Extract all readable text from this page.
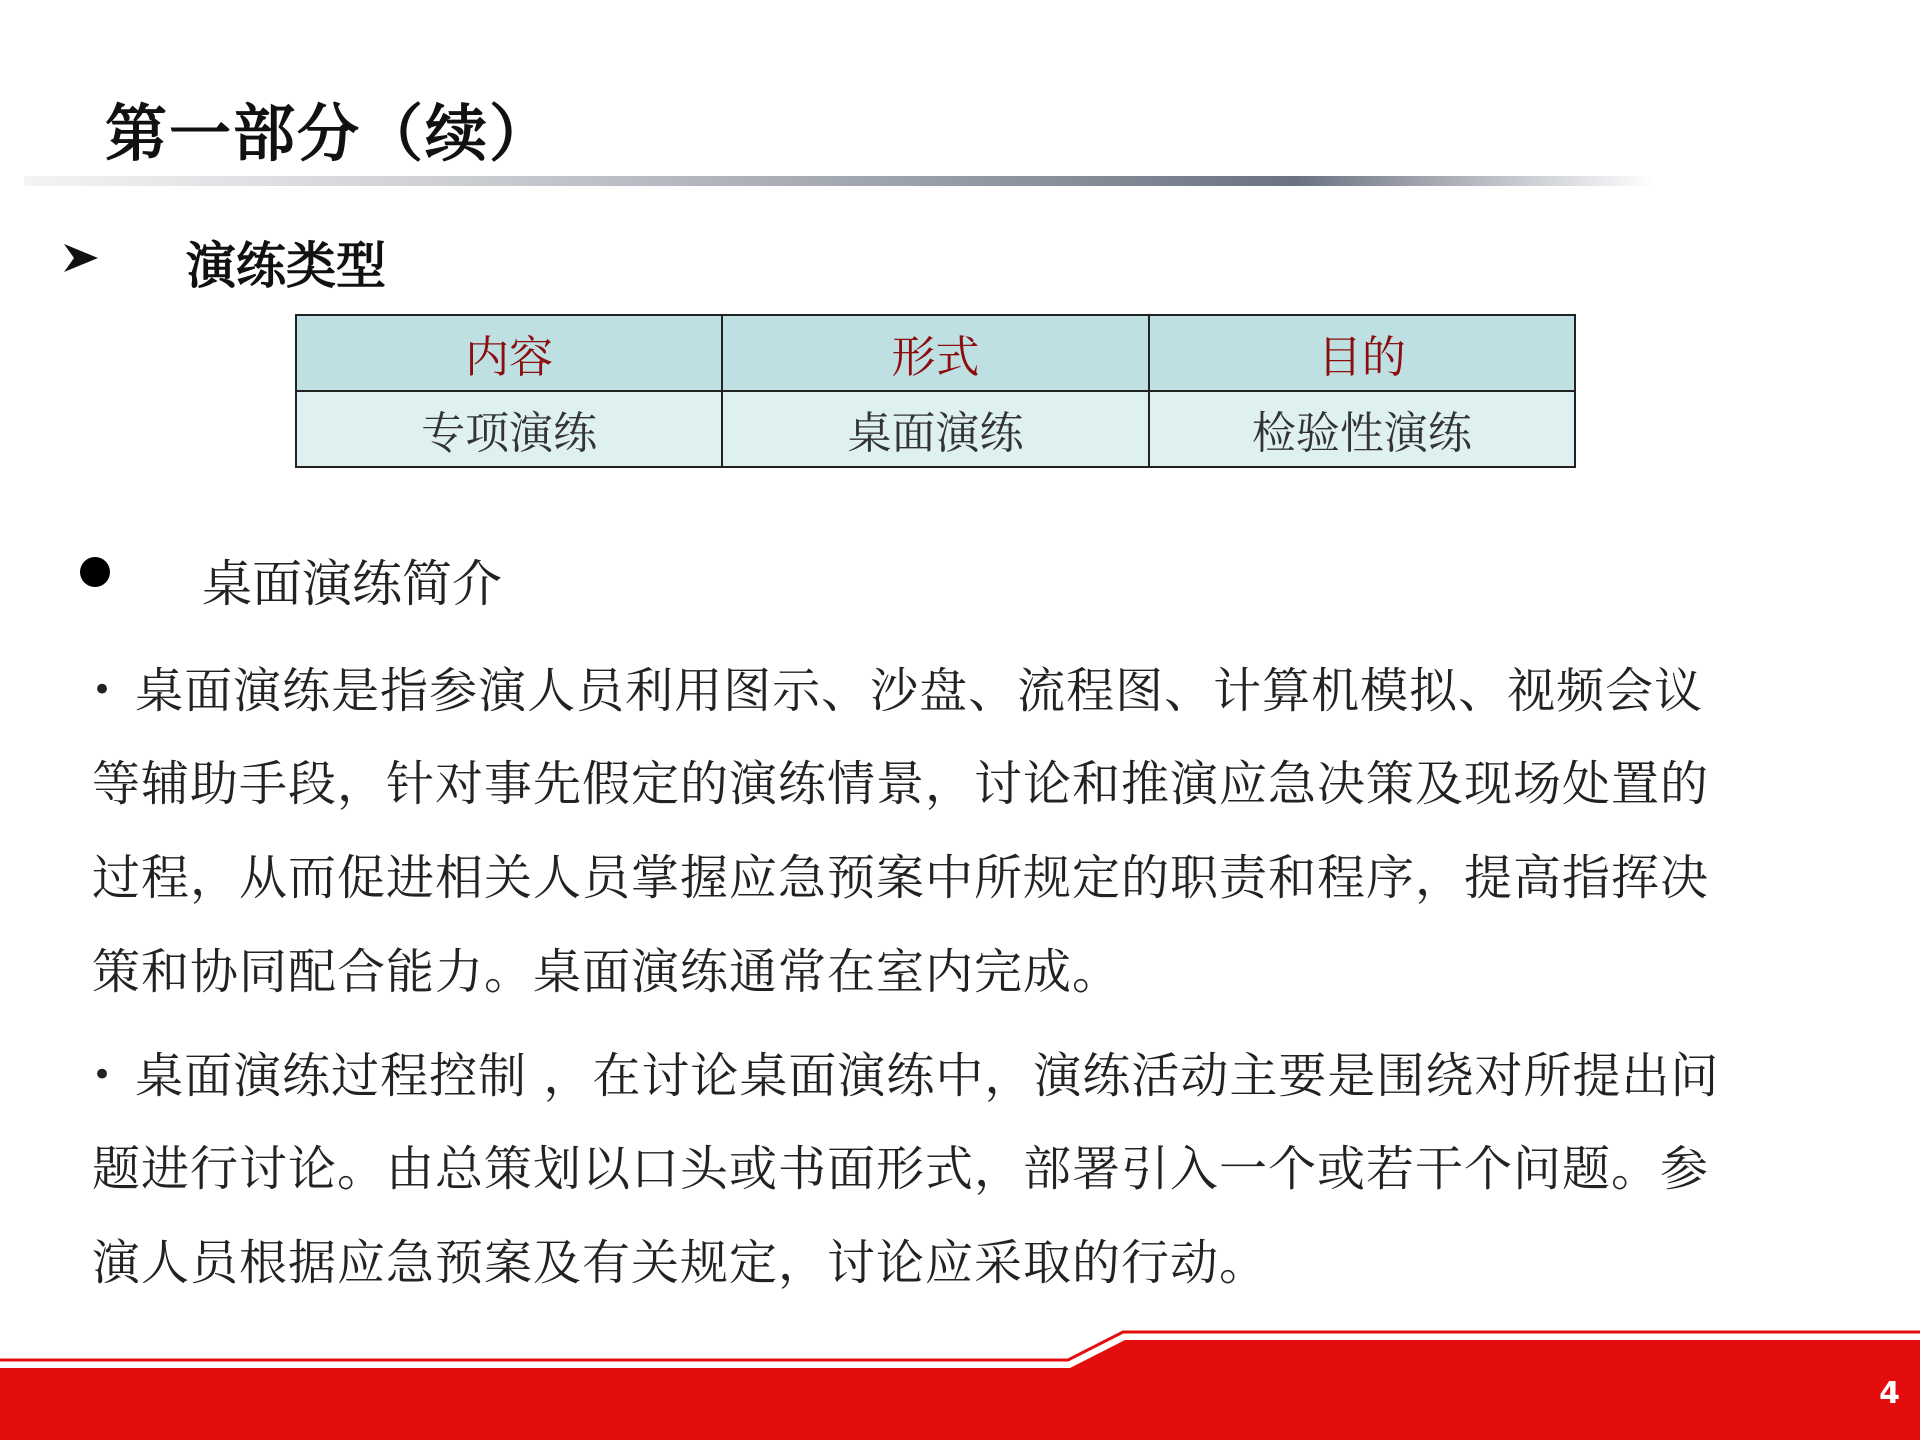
第一部分（续）
演练类型
内容	形式	目的
专项演练	桌面演练	检验性演练
桌面演练简介
• 桌面演练是指参演人员利用图示、沙盘、流程图、计算机模拟、视频会议
等辅助手段，针对事先假定的演练情景，讨论和推演应急决策及现场处置的
过程，从而促进相关人员掌握应急预案中所规定的职责和程序，提高指挥决
策和协同配合能力。桌面演练通常在室内完成。
• 桌面演练过程控制 ，在讨论桌面演练中，演练活动主要是围绕对所提出问
题进行讨论。由总策划以口头或书面形式，部署引入一个或若干个问题。参
演人员根据应急预案及有关规定，讨论应采取的行动。
4
